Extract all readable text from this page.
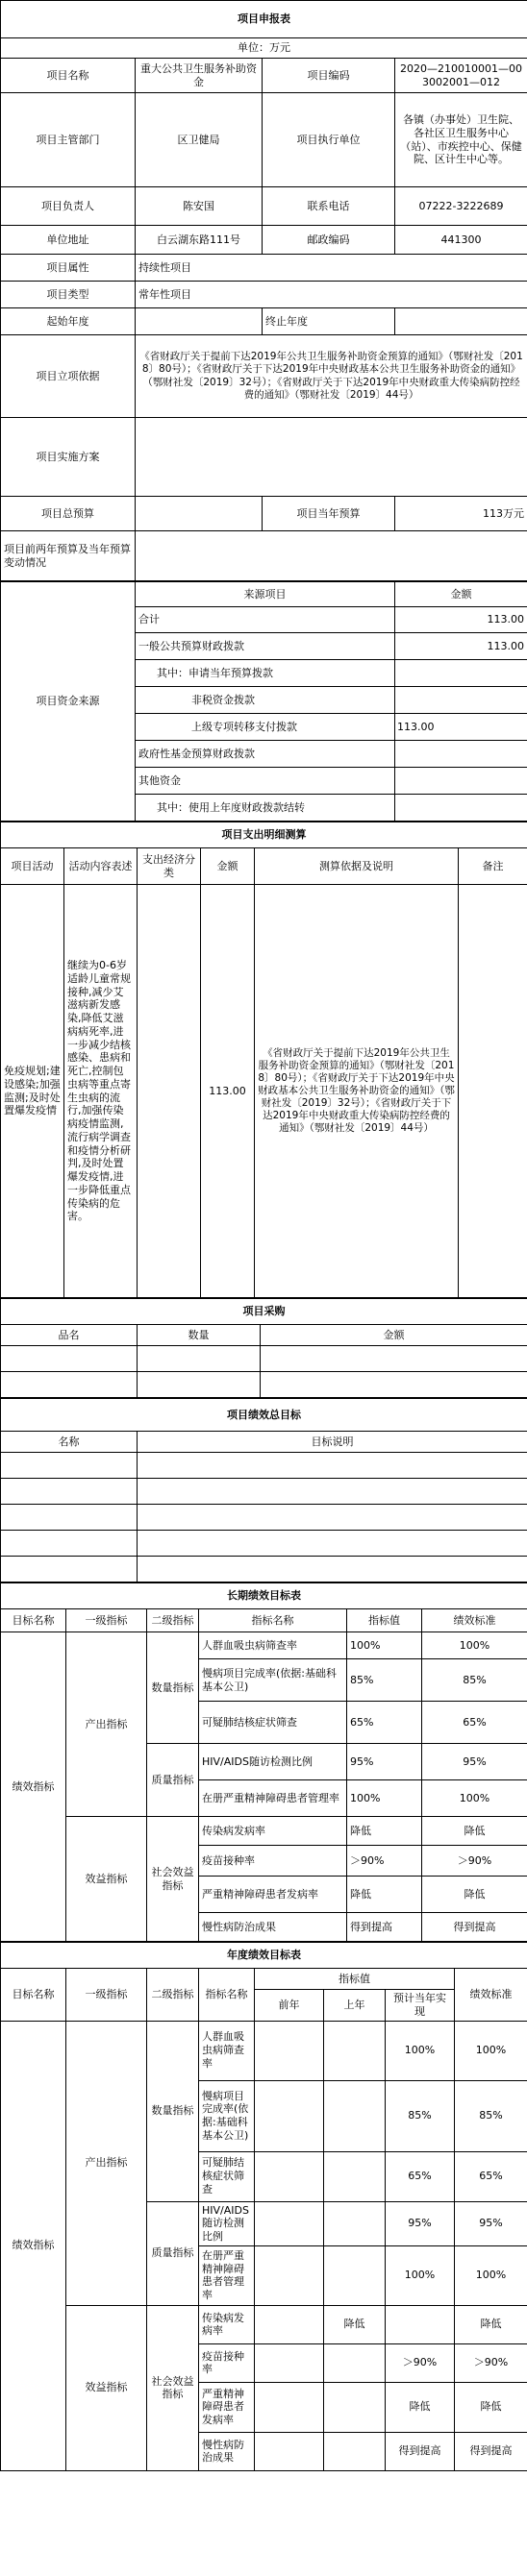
项目申报表			
单位：万元			
项目名称	重大公共卫生服务补助资金	项目编码	2020—210010001—003002001—012
项目主管部门	区卫健局	项目执行单位	各镇（办事处）卫生院、各社区卫生服务中心（站）、市疾控中心、保健院、区计生中心等。
项目负责人	陈安国	联系电话	07222-3222689
单位地址	白云湖东路111号	邮政编码	441300
项目属性	持续性项目		
项目类型	常年性项目		
起始年度		终止年度	
项目立项依据	《省财政厅关于提前下达2019年公共卫生服务补助资金预算的通知》（鄂财社发〔2018〕80号）；《省财政厅关于下达2019年中央财政基本公共卫生服务补助资金的通知》（鄂财社发〔2019〕32号）；《省财政厅关于下达2019年中央财政重大传染病防控经费的通知》（鄂财社发〔2019〕44号）		
项目实施方案			
项目总预算		项目当年预算	113万元
项目前两年预算及当年预算变动情况			
项目资金来源	来源项目	金额
	合计	113.00
	一般公共预算财政拨款	113.00
	其中：申请当年预算拨款	
	非税资金拨款	
	上级专项转移支付拨款	113.00
	政府性基金预算财政拨款	
	其他资金	
	其中：使用上年度财政拨款结转	
项目支出明细测算					
项目活动	活动内容表述	支出经济分类	金额	测算依据及说明	备注
免疫规划;建设感染;加强监测;及时处置爆发疫情	继续为0-6岁适龄儿童常规接种,减少艾滋病新发感染,降低艾滋病病死率,进一步减少结核感染、患病和死亡,控制包虫病等重点寄生虫病的流行,加强传染病疫情监测,流行病学调查和疫情分析研判,及时处置爆发疫情,进一步降低重点传染病的危害。		113.00	《省财政厅关于提前下达2019年公共卫生服务补助资金预算的通知》（鄂财社发〔2018〕80号）；《省财政厅关于下达2019年中央财政基本公共卫生服务补助资金的通知》（鄂财社发〔2019〕32号）；《省财政厅关于下达2019年中央财政重大传染病防控经费的通知》（鄂财社发〔2019〕44号）	
项目采购		
品名	数量	金额

项目绩效总目标	
名称	目标说明

长期绩效目标表					
目标名称	一级指标	二级指标	指标名称	指标值	绩效标准
绩效指标	产出指标	数量指标	人群血吸虫病筛查率	100%	100%
			慢病项目完成率(依据:基础科基本公卫)	85%	85%
			可疑肺结核症状筛查	65%	65%
		质量指标	HIV/AIDS随访检测比例	95%	95%
			在册严重精神障碍患者管理率	100%	100%
	效益指标	社会效益指标	传染病发病率	降低	降低
			疫苗接种率	＞90%	＞90%
			严重精神障碍患者发病率	降低	降低
			慢性病防治成果	得到提高	得到提高
年度绩效目标表							
目标名称	一级指标	二级指标	指标名称	指标值			绩效标准
				前年	上年	预计当年实现	
绩效指标	产出指标	数量指标	人群血吸虫病筛查率			100%	100%
			慢病项目完成率(依据:基础科基本公卫)			85%	85%
			可疑肺结核症状筛查			65%	65%
		质量指标	HIV/AIDS随访检测比例			95%	95%
			在册严重精神障碍患者管理率			100%	100%
	效益指标	社会效益指标	传染病发病率		降低		降低
			疫苗接种率			＞90%	＞90%
			严重精神障碍患者发病率			降低	降低
			慢性病防治成果			得到提高	得到提高
